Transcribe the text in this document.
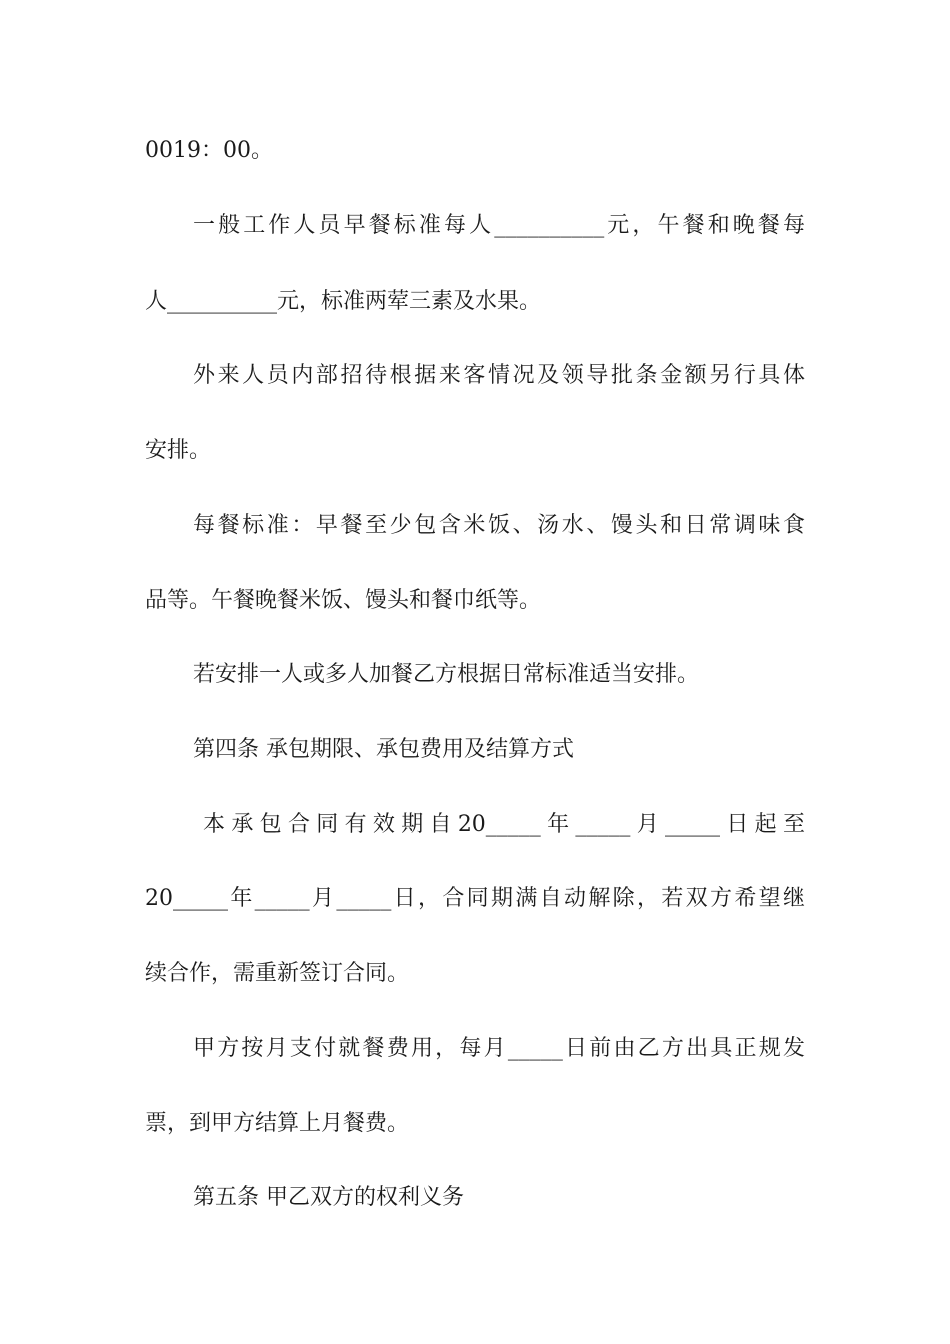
0019：00。
一般工作人员早餐标准每人__________元，午餐和晚餐每
人__________元，标准两荤三素及水果。
外来人员内部招待根据来客情况及领导批条金额另行具体
安排。
每餐标准：早餐至少包含米饭、汤水、馒头和日常调味食
品等。午餐晚餐米饭、馒头和餐巾纸等。
若安排一人或多人加餐乙方根据日常标准适当安排。
第四条 承包期限、承包费用及结算方式
本承包合同有效期自20_____年_____月_____日起至
20_____年_____月_____日，合同期满自动解除，若双方希望继
续合作，需重新签订合同。
甲方按月支付就餐费用，每月_____日前由乙方出具正规发
票，到甲方结算上月餐费。
第五条 甲乙双方的权利义务
